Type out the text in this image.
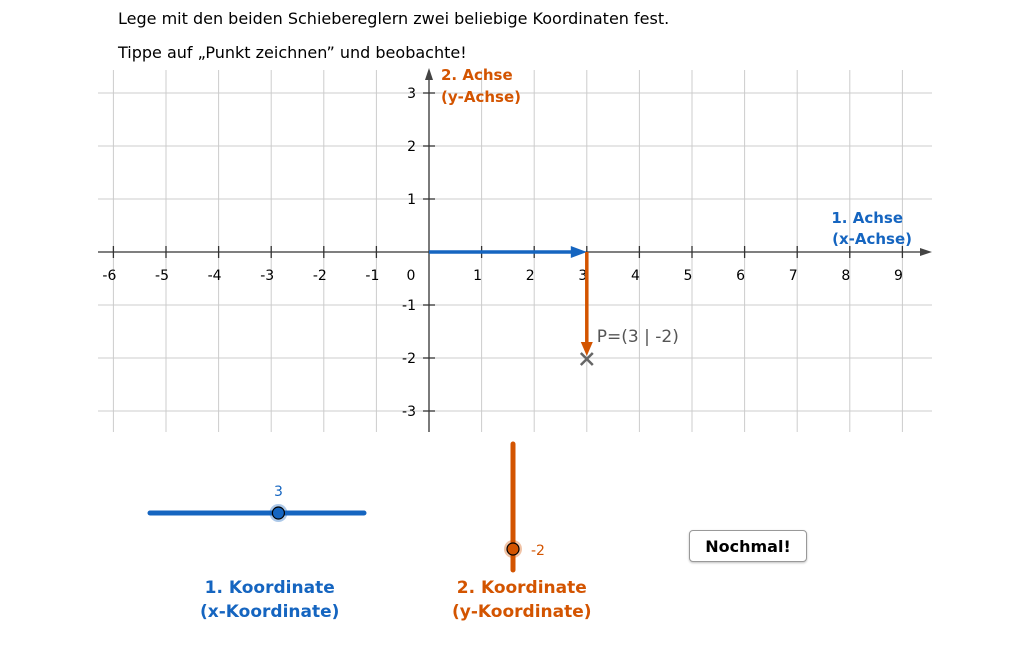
Lege mit den beiden Schiebereglern zwei beliebige Koordinaten fest.
Tippe auf „Punkt zeichnen” und beobachte!
-6	-5	-4	-3	-2	-1 0	1	2	3	4	5	6	7	8	9
3
2
1
-1
-2
-3
1. Achse
(x-Achse)
2. Achse
(y-Achse)
P=(3 | -2)
3
-2
1. Koordinate
(x-Koordinate)
2. Koordinate
(y-Koordinate)
Nochmal!
